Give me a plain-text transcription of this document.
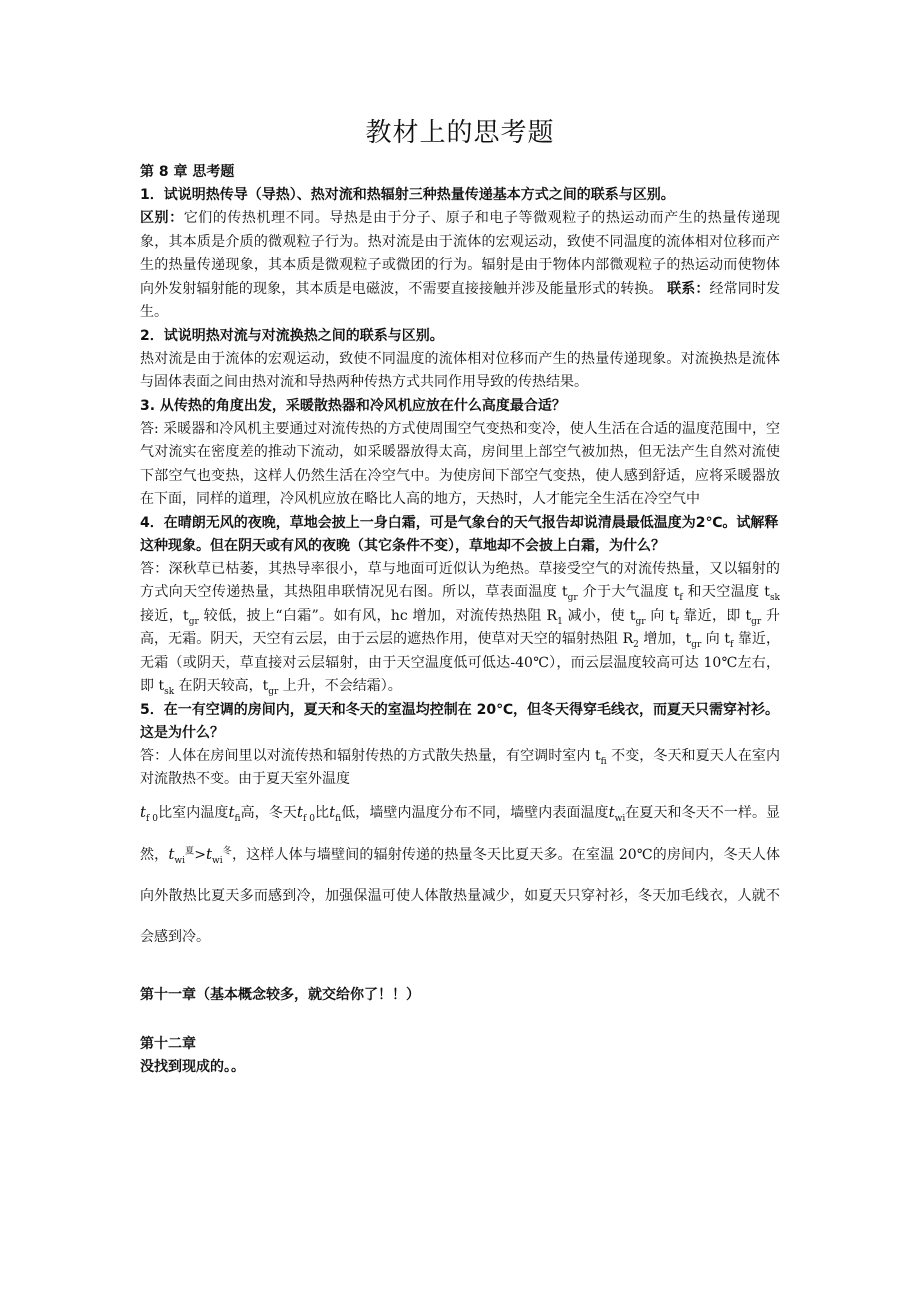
教材上的思考题

第 8 章 思考题

1．试说明热传导（导热）、热对流和热辐射三种热量传递基本方式之间的联系与区别。

区别：它们的传热机理不同。导热是由于分子、原子和电子等微观粒子的热运动而产生的热量传递现象，其本质是介质的微观粒子行为。热对流是由于流体的宏观运动，致使不同温度的流体相对位移而产生的热量传递现象，其本质是微观粒子或微团的行为。辐射是由于物体内部微观粒子的热运动而使物体向外发射辐射能的现象，其本质是电磁波，不需要直接接触并涉及能量形式的转换。 联系：经常同时发生。

2．试说明热对流与对流换热之间的联系与区别。

热对流是由于流体的宏观运动，致使不同温度的流体相对位移而产生的热量传递现象。对流换热是流体与固体表面之间由热对流和导热两种传热方式共同作用导致的传热结果。

3. 从传热的角度出发，采暖散热器和冷风机应放在什么高度最合适？

答: 采暖器和冷风机主要通过对流传热的方式使周围空气变热和变冷，使人生活在合适的温度范围中，空气对流实在密度差的推动下流动，如采暖器放得太高，房间里上部空气被加热，但无法产生自然对流使下部空气也变热，这样人仍然生活在冷空气中。为使房间下部空气变热，使人感到舒适，应将采暖器放在下面，同样的道理，冷风机应放在略比人高的地方，天热时，人才能完全生活在冷空气中

4．在晴朗无风的夜晚，草地会披上一身白霜，可是气象台的天气报告却说清晨最低温度为2℃。试解释这种现象。但在阴天或有风的夜晚（其它条件不变），草地却不会披上白霜，为什么？

答：深秋草已枯萎，其热导率很小，草与地面可近似认为绝热。草接受空气的对流传热量，又以辐射的方式向天空传递热量，其热阻串联情况见右图。所以，草表面温度 $t_{gr}$ 介于大气温度 $t_f$ 和天空温度 $t_{sk}$ 接近，$t_{gr}$ 较低，披上“白霜”。如有风，hc 增加，对流传热热阻 $R_1$ 减小，使 $t_{gr}$ 向 $t_f$ 靠近，即 $t_{gr}$ 升高，无霜。阴天，天空有云层，由于云层的遮热作用，使草对天空的辐射热阻 $R_2$ 增加，$t_{gr}$ 向 $t_f$ 靠近，无霜（或阴天，草直接对云层辐射，由于天空温度低可低达-40℃），而云层温度较高可达 10℃左右，即 $t_{sk}$ 在阴天较高，$t_{gr}$ 上升，不会结霜）。

5．在一有空调的房间内，夏天和冬天的室温均控制在 20℃，但冬天得穿毛线衣，而夏天只需穿衬衫。这是为什么？

答：人体在房间里以对流传热和辐射传热的方式散失热量，有空调时室内 $t_{fi}$ 不变，冬天和夏天人在室内对流散热不变。由于夏天室外温度

$t_{f 0}$比室内温度$t_{fi}$高，冬天$t_{f 0}$比$t_{fi}$低，墙壁内温度分布不同，墙壁内表面温度$t_{wi}$在夏天和冬天不一样。显然，$t_{wi}^夏>t_{wi}^冬$，这样人体与墙壁间的辐射传递的热量冬天比夏天多。在室温 20℃的房间内，冬天人体向外散热比夏天多而感到冷，加强保温可使人体散热量减少，如夏天只穿衬衫，冬天加毛线衣，人就不会感到冷。

第十一章（基本概念较多，就交给你了！！）

第十二章

没找到现成的。。
